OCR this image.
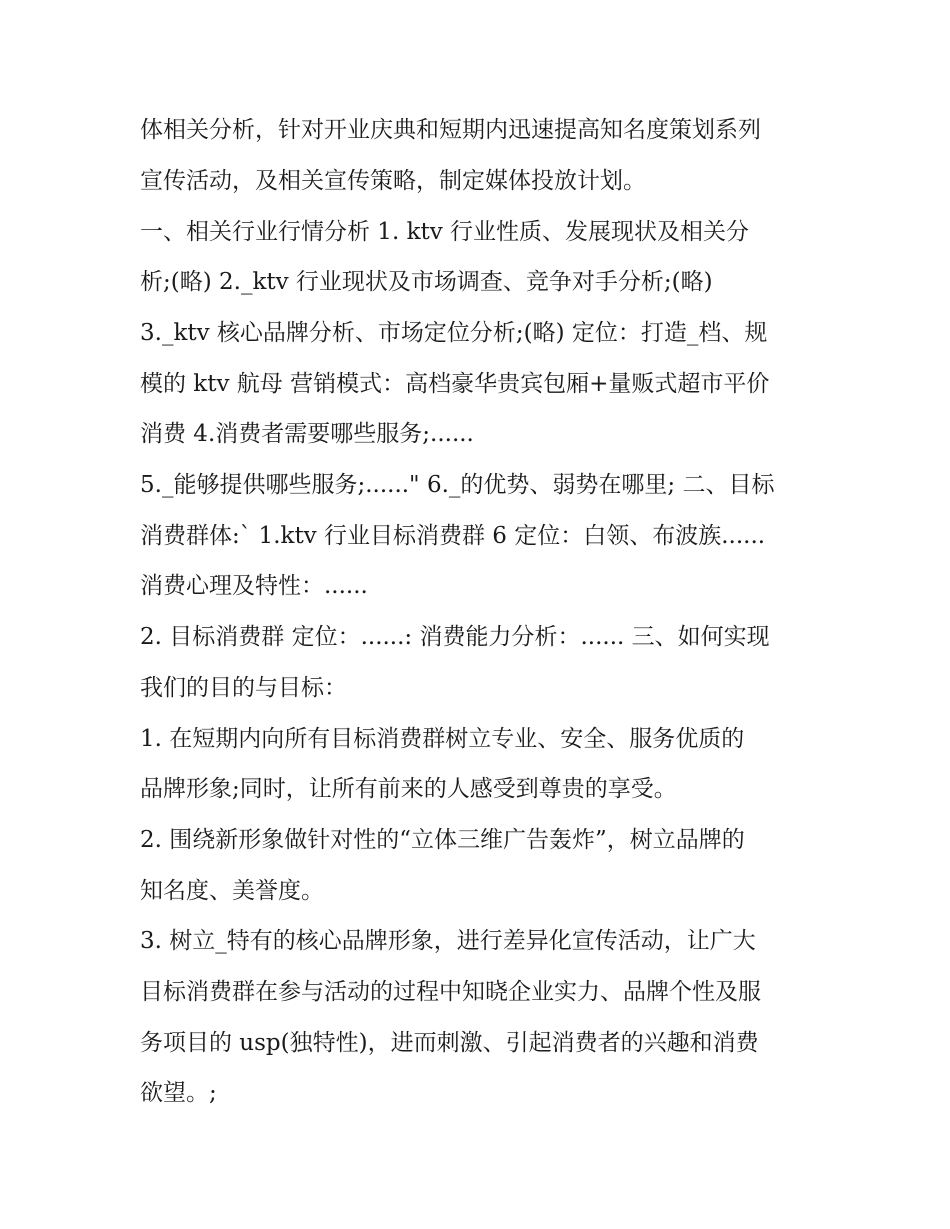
体相关分析，针对开业庆典和短期内迅速提高知名度策划系列
宣传活动，及相关宣传策略，制定媒体投放计划。
一、相关行业行情分析 1. ktv 行业性质、发展现状及相关分
析;(略) 2._ktv 行业现状及市场调查、竞争对手分析;(略)
3._ktv 核心品牌分析、市场定位分析;(略) 定位：打造_档、规
模的 ktv 航母 营销模式：高档豪华贵宾包厢+量贩式超市平价
消费 4.消费者需要哪些服务;......
5._能够提供哪些服务;......" 6._的优势、弱势在哪里; 二、目标
消费群体:` 1.ktv 行业目标消费群 6 定位：白领、布波族......
消费心理及特性：......
2. 目标消费群 定位：......: 消费能力分析：...... 三、如何实现
我们的目的与目标：
1. 在短期内向所有目标消费群树立专业、安全、服务优质的
品牌形象;同时，让所有前来的人感受到尊贵的享受。
2. 围绕新形象做针对性的“立体三维广告轰炸”，树立品牌的
知名度、美誉度。
3. 树立_特有的核心品牌形象，进行差异化宣传活动，让广大
目标消费群在参与活动的过程中知晓企业实力、品牌个性及服
务项目的 usp(独特性)，进而刺激、引起消费者的兴趣和消费
欲望。;
